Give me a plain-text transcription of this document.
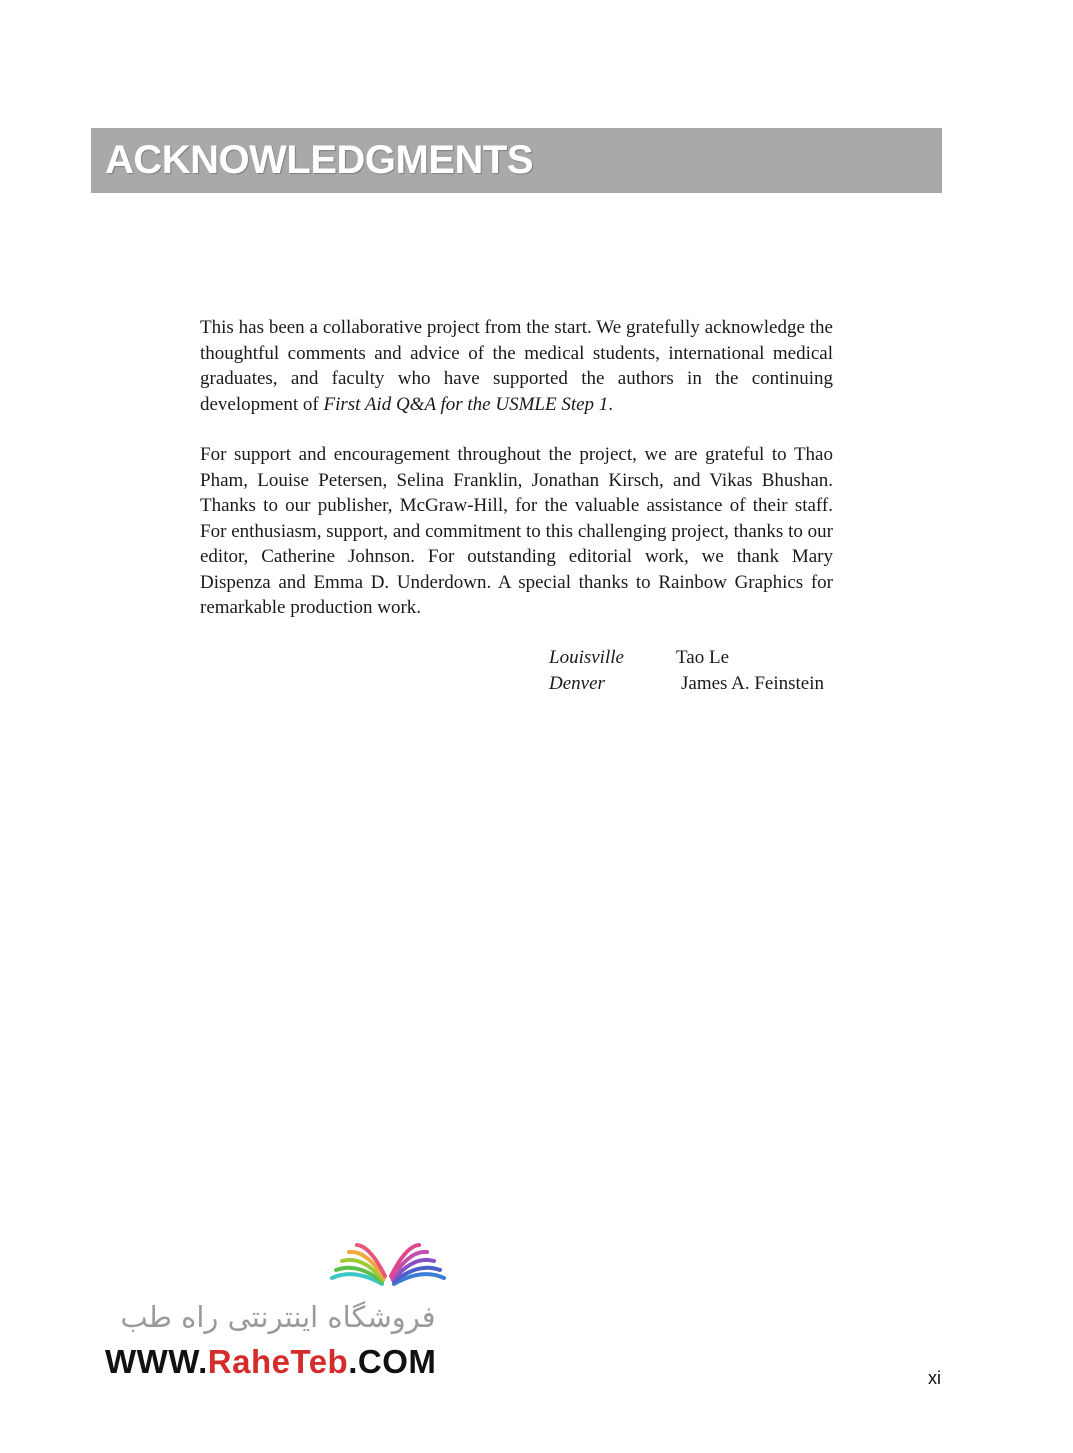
ACKNOWLEDGMENTS

This has been a collaborative project from the start. We gratefully acknowledge the thoughtful comments and advice of the medical students, international medical graduates, and faculty who have supported the authors in the continuing development of First Aid Q&A for the USMLE Step 1.

For support and encouragement throughout the project, we are grateful to Thao Pham, Louise Petersen, Selina Franklin, Jonathan Kirsch, and Vikas Bhushan. Thanks to our publisher, McGraw-Hill, for the valuable assistance of their staff. For enthusiasm, support, and commitment to this challenging project, thanks to our editor, Catherine Johnson. For outstanding editorial work, we thank Mary Dispenza and Emma D. Underdown. A special thanks to Rainbow Graphics for remarkable production work.

Louisville	Tao Le
Denver	James A. Feinstein

فروشگاه اینترنتی راه طب

WWW.RaheTeb.COM	xi
